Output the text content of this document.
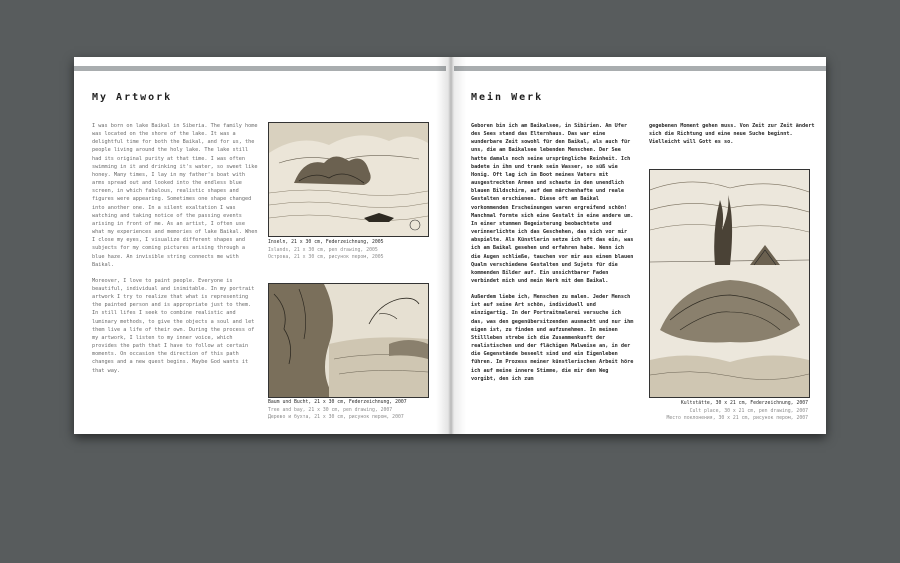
My Artwork

I was born on lake Baikal in Siberia. The family home was located on the shore of the lake. It was a delightful time for both the Baikal, and for us, the people living around the holy lake. The lake still had its original purity at that time. I was often swimming in it and drinking it's water, so sweet like honey. Many times, I lay in my father's boat with arms spread out and looked into the endless blue screen, in which fabulous, realistic shapes and figures were appearing. Sometimes one shape changed into another one. In a silent exaltation I was watching and taking notice of the passing events arising in front of me. As an artist, I often use what my experiences and memories of lake Baikal. When I close my eyes, I visualize different shapes and subjects for my coming pictures arising through a blue haze. An invisible string connects me with Baikal.

Moreover, I love to paint people. Everyone is beautiful, individual and inimitable. In my portrait artwork I try to realize that what is representing the painted person and is appropriate just to them. In still lifes I seek to combine realistic and luminary methods, to give the objects a soul and let them live a life of their own. During the process of my artwork, I listen to my inner voice, which provides the path that I have to follow at certain moments. On occasion the direction of this path changes and a new quest begins. Maybe God wants it that way.

Inseln, 21 x 30 cm, Federzeichnung, 2005
Islands, 21 x 30 cm, pen drawing, 2005
Острова, 21 x 30 cm, рисунок пером, 2005

Baum und Bucht, 21 x 30 cm, Federzeichnung, 2007
Tree and bay, 21 x 30 cm, pen drawing, 2007
Дерево и бухта, 21 x 30 cm, рисунок пером, 2007

Mein Werk

Geboren bin ich am Baikalsee, in Sibirien. Am Ufer des Sees stand das Elternhaus. Das war eine wunderbare Zeit sowohl für den Baikal, als auch für uns, die am Baikalsee lebenden Menschen. Der See hatte damals noch seine ursprüngliche Reinheit. Ich badete in ihm und trank sein Wasser, so süß wie Honig. Oft lag ich im Boot meines Vaters mit ausgestreckten Armen und schaute in den unendlich blauen Bildschirm, auf dem märchenhafte und reale Gestalten erschienen. Diese oft am Baikal vorkommenden Erscheinungen waren ergreifend schön! Manchmal formte sich eine Gestalt in eine andere um. In einer stummen Begeisterung beobachtete und verinnerlichte ich das Geschehen, das sich vor mir abspielte. Als Künstlerin setze ich oft das ein, was ich am Baikal gesehen und erfahren habe. Wenn ich die Augen schließe, tauchen vor mir aus einem blauen Qualm verschiedene Gestalten und Sujets für die kommenden Bilder auf. Ein unsichtbarer Faden verbindet mich und mein Werk mit dem Baikal.

Außerdem liebe ich, Menschen zu malen. Jeder Mensch ist auf seine Art schön, individuell und einzigartig. In der Portraitmalerei versuche ich das, was den gegenübersitzenden ausmacht und nur ihm eigen ist, zu finden und aufzunehmen. In meinen Stillleben strebe ich die Zusammenkunft der realistischen und der flächigen Malweise an, in der die Gegenstände beseelt sind und ein Eigenleben führen. Im Prozess meiner künstlerischen Arbeit höre ich auf meine innere Stimme, die mir den Weg vorgibt, den ich zum

gegebenen Moment gehen muss. Von Zeit zur Zeit ändert sich die Richtung und eine neue Suche beginnt. Vielleicht will Gott es so.

Kultstätte, 30 x 21 cm, Federzeichnung, 2007
Cult place, 30 x 21 cm, pen drawing, 2007
Место поклонения, 30 x 21 cm, рисунок пером, 2007
